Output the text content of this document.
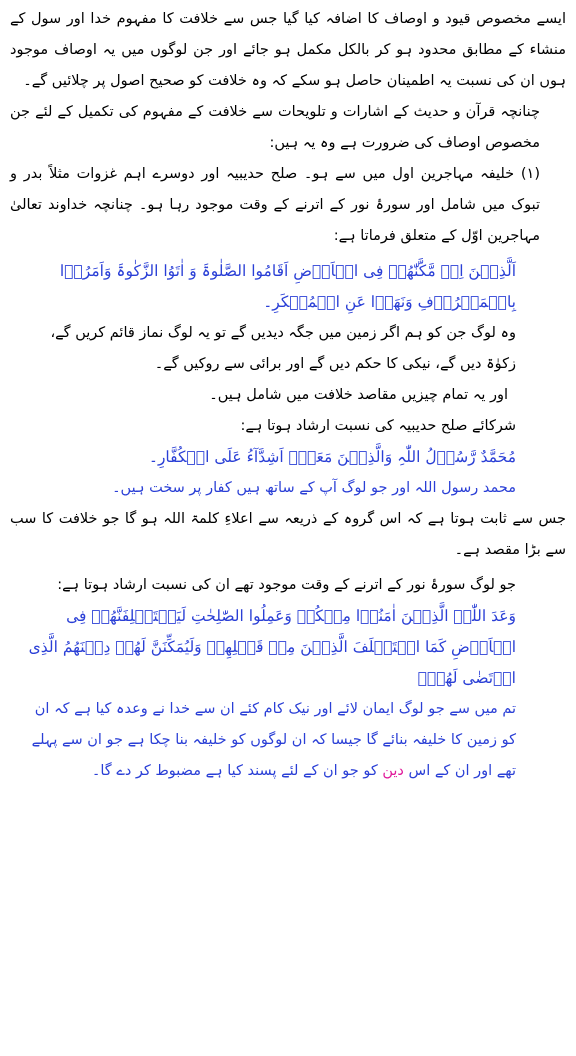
ایسے مخصوص قیود و اوصاف کا اضافہ کیا گیا جس سے خلافت کا مفہوم خدا اور سول کے منشاء کے مطابق محدود ہو کر بالکل مکمل ہو جائے اور جن لوگوں میں یہ اوصاف موجود ہوں ان کی نسبت یہ اطمینان حاصل ہو سکے کہ وہ خلافت کو صحیح اصول پر چلائیں گے۔

چنانچہ قرآن و حدیث کے اشارات و تلویحات سے خلافت کے مفہوم کی تکمیل کے لئے جن مخصوص اوصاف کی ضرورت ہے وہ یہ ہیں:

(۱) خلیفہ مہاجرین اول میں سے ہو۔ صلح حدیبیہ اور دوسرے اہم غزوات مثلاً بدر و تبوک میں شامل اور سورۂ نور کے اترنے کے وقت موجود رہا ہو۔ چنانچہ خداوند تعالیٰ مہاجرین اوّل کے متعلق فرماتا ہے:

اَلَّذِیۡنَ اِنۡ مَّکَّنّٰھُمۡ فِی الۡاَرۡضِ اَقَامُوا الصَّلٰوۃَ وَ اٰتَوُا الزَّکٰوۃَ وَاَمَرُوۡا بِالۡمَعۡرُوۡفِ وَنَھَوۡا عَنِ الۡمُنۡکَرِ۔

وہ لوگ جن کو ہم اگر زمین میں جگہ دیدیں گے تو یہ لوگ نماز قائم کریں گے، زکوٰۃ دیں گے، نیکی کا حکم دیں گے اور برائی سے روکیں گے۔

اور یہ تمام چیزیں مقاصد خلافت میں شامل ہیں۔

شرکائے صلح حدیبیہ کی نسبت ارشاد ہوتا ہے:

مُحَمَّدٌ رَّسُوۡلُ اللّٰہِ وَالَّذِیۡنَ مَعَہٗۤ اَشِدَّآءُ عَلَی الۡکُفَّارِ۔

محمد رسول اللہ اور جو لوگ آپ کے ساتھ ہیں کفار پر سخت ہیں۔

جس سے ثابت ہوتا ہے کہ اس گروہ کے ذریعہ سے اعلاءِ کلمۃ اللہ ہو گا جو خلافت کا سب سے بڑا مقصد ہے۔

جو لوگ سورۂ نور کے اترنے کے وقت موجود تھے ان کی نسبت ارشاد ہوتا ہے:

وَعَدَ اللّٰہُ الَّذِیۡنَ اٰمَنُوۡا مِنۡکُمۡ وَعَمِلُوا الصّٰلِحٰتِ لَیَسۡتَخۡلِفَنَّھُمۡ فِی الۡاَرۡضِ کَمَا اسۡتَخۡلَفَ الَّذِیۡنَ مِنۡ قَبۡلِھِمۡ وَلَیُمَکِّنَنَّ لَھُمۡ دِیۡنَھُمُ الَّذِی ارۡتَضٰی لَھُمۡ۔

تم میں سے جو لوگ ایمان لائے اور نیک کام کئے ان سے خدا نے وعدہ کیا ہے کہ ان کو زمین کا خلیفہ بنائے گا جیسا کہ ان لوگوں کو خلیفہ بنا چکا ہے جو ان سے پہلے تھے اور ان کے اس دین کو جو ان کے لئے پسند کیا ہے مضبوط کر دے گا۔
